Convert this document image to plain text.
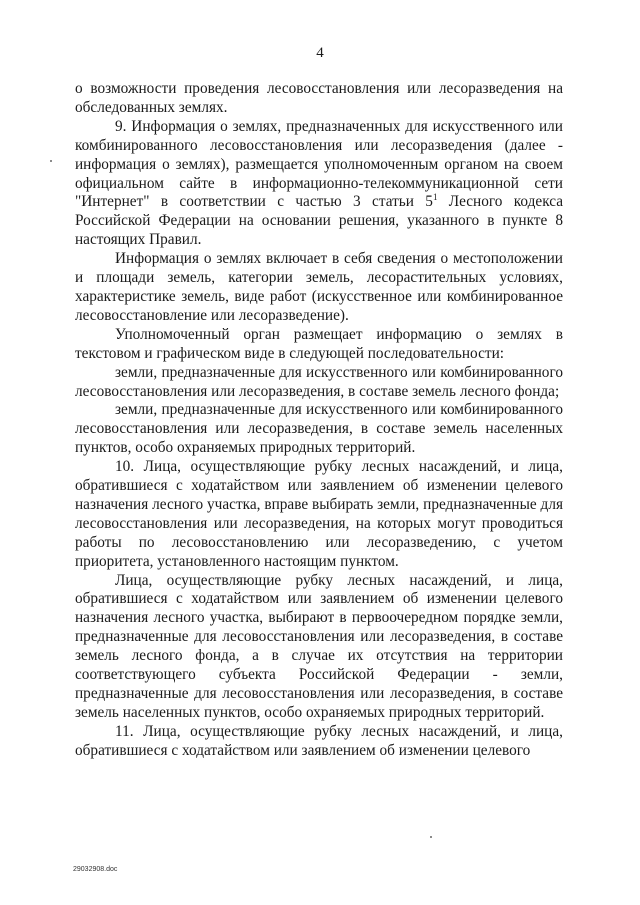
4

о возможности проведения лесовосстановления или лесоразведения на обследованных землях.

9. Информация о землях, предназначенных для искусственного или комбинированного лесовосстановления или лесоразведения (далее - информация о землях), размещается уполномоченным органом на своем официальном сайте в информационно-телекоммуникационной сети "Интернет" в соответствии с частью 3 статьи $5^1$ Лесного кодекса Российской Федерации на основании решения, указанного в пункте 8 настоящих Правил.

Информация о землях включает в себя сведения о местоположении и площади земель, категории земель, лесорастительных условиях, характеристике земель, виде работ (искусственное или комбинированное лесовосстановление или лесоразведение).

Уполномоченный орган размещает информацию о землях в текстовом и графическом виде в следующей последовательности:

земли, предназначенные для искусственного или комбинированного лесовосстановления или лесоразведения, в составе земель лесного фонда;

земли, предназначенные для искусственного или комбинированного лесовосстановления или лесоразведения, в составе земель населенных пунктов, особо охраняемых природных территорий.

10. Лица, осуществляющие рубку лесных насаждений, и лица, обратившиеся с ходатайством или заявлением об изменении целевого назначения лесного участка, вправе выбирать земли, предназначенные для лесовосстановления или лесоразведения, на которых могут проводиться работы по лесовосстановлению или лесоразведению, с учетом приоритета, установленного настоящим пунктом.

Лица, осуществляющие рубку лесных насаждений, и лица, обратившиеся с ходатайством или заявлением об изменении целевого назначения лесного участка, выбирают в первоочередном порядке земли, предназначенные для лесовосстановления или лесоразведения, в составе земель лесного фонда, а в случае их отсутствия на территории соответствующего субъекта Российской Федерации - земли, предназначенные для лесовосстановления или лесоразведения, в составе земель населенных пунктов, особо охраняемых природных территорий.

11. Лица, осуществляющие рубку лесных насаждений, и лица, обратившиеся с ходатайством или заявлением об изменении целевого

29032908.doc
